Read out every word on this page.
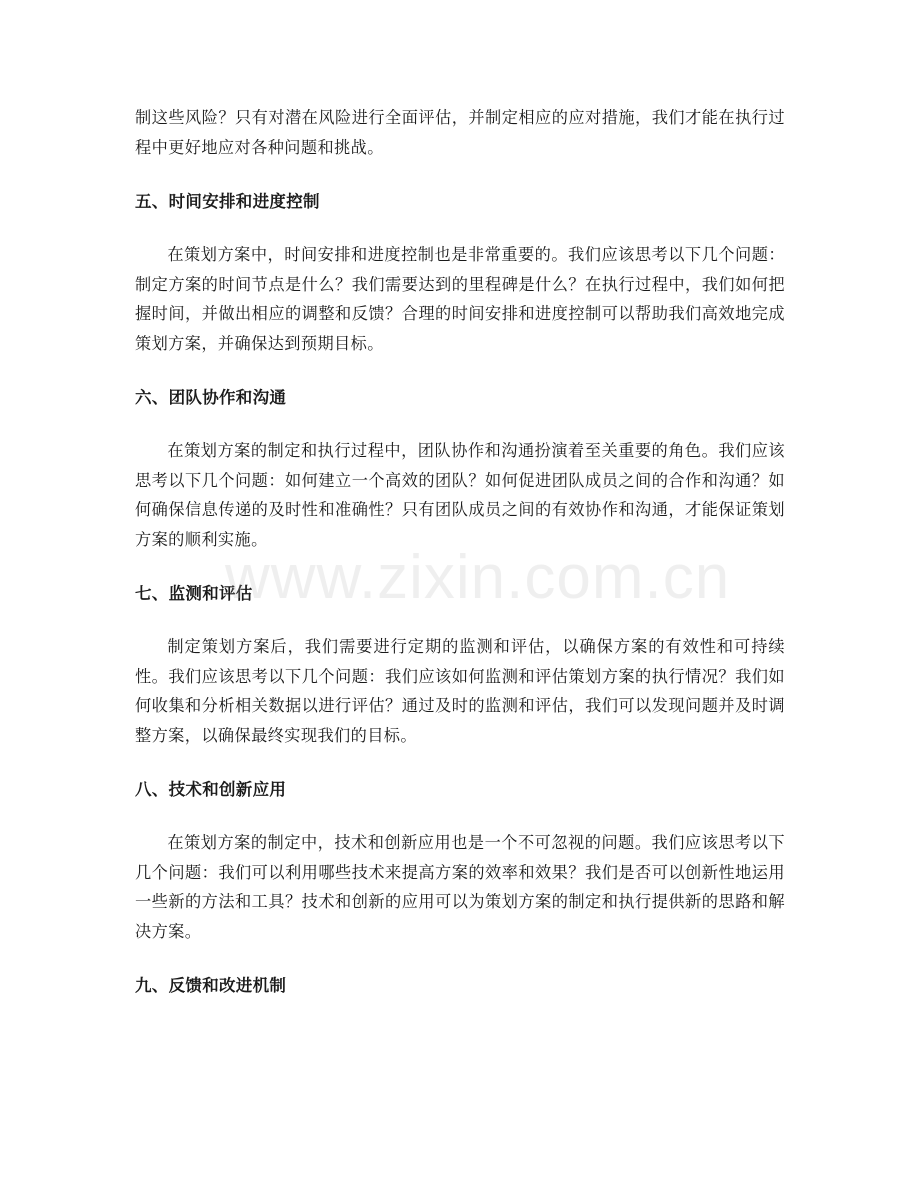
制这些风险？只有对潜在风险进行全面评估，并制定相应的应对措施，我们才能在执行过程中更好地应对各种问题和挑战。

五、时间安排和进度控制

在策划方案中，时间安排和进度控制也是非常重要的。我们应该思考以下几个问题：制定方案的时间节点是什么？我们需要达到的里程碑是什么？在执行过程中，我们如何把握时间，并做出相应的调整和反馈？合理的时间安排和进度控制可以帮助我们高效地完成策划方案，并确保达到预期目标。

六、团队协作和沟通

在策划方案的制定和执行过程中，团队协作和沟通扮演着至关重要的角色。我们应该思考以下几个问题：如何建立一个高效的团队？如何促进团队成员之间的合作和沟通？如何确保信息传递的及时性和准确性？只有团队成员之间的有效协作和沟通，才能保证策划方案的顺利实施。

七、监测和评估

制定策划方案后，我们需要进行定期的监测和评估，以确保方案的有效性和可持续性。我们应该思考以下几个问题：我们应该如何监测和评估策划方案的执行情况？我们如何收集和分析相关数据以进行评估？通过及时的监测和评估，我们可以发现问题并及时调整方案，以确保最终实现我们的目标。

八、技术和创新应用

在策划方案的制定中，技术和创新应用也是一个不可忽视的问题。我们应该思考以下几个问题：我们可以利用哪些技术来提高方案的效率和效果？我们是否可以创新性地运用一些新的方法和工具？技术和创新的应用可以为策划方案的制定和执行提供新的思路和解决方案。

九、反馈和改进机制
www.zixin.com.cn
